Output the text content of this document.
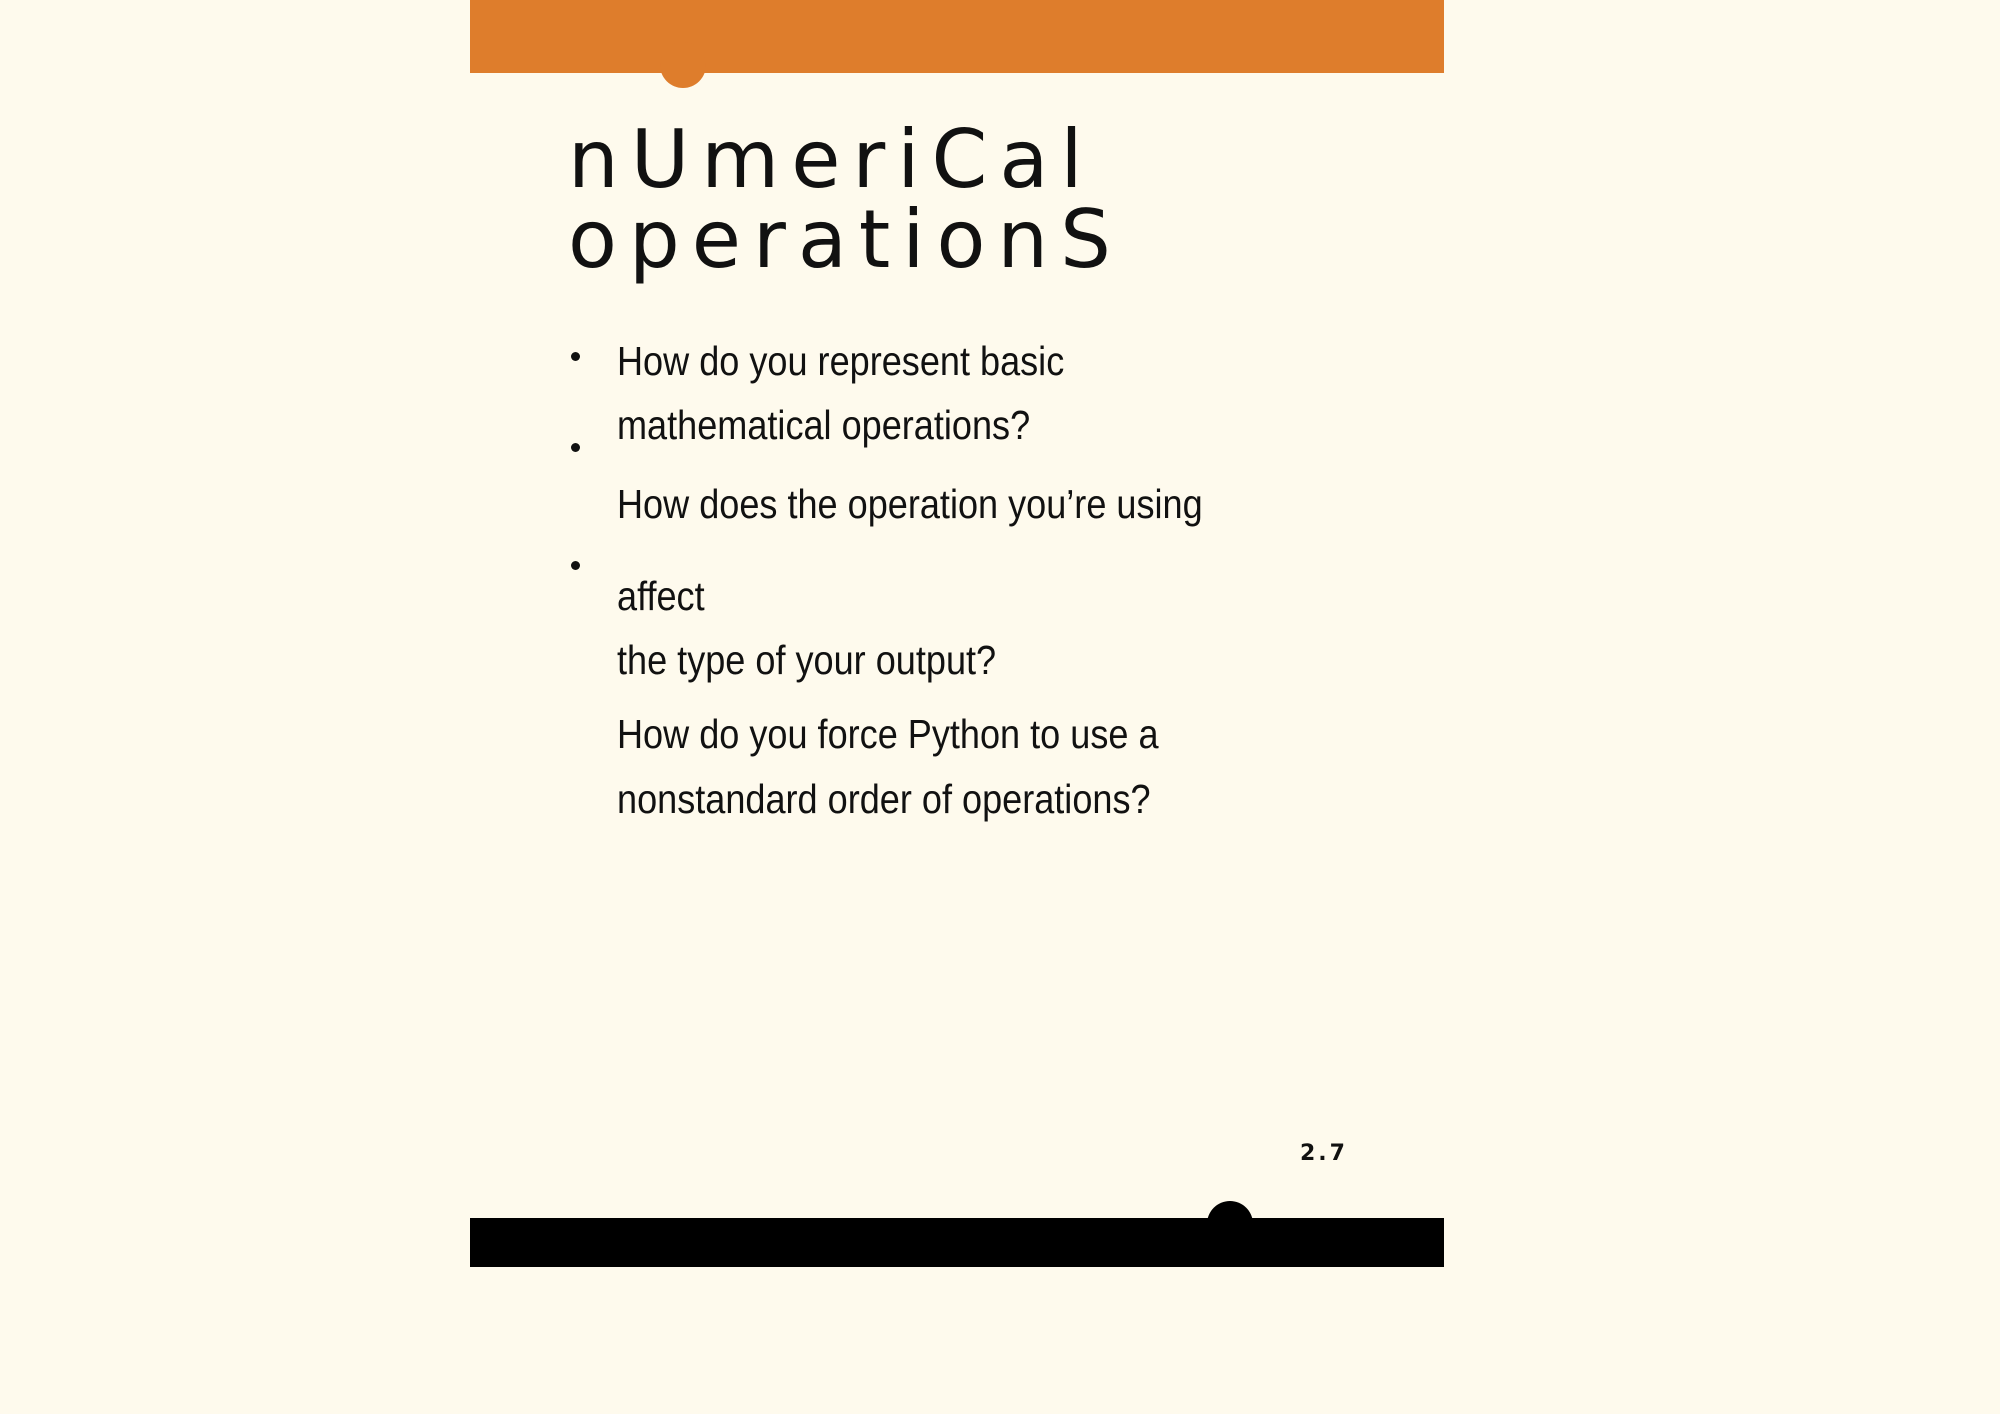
nUmeriCal
operationS

How do you represent basic

mathematical operations?

How does the operation you’re using

affect

the type of your output?

How do you force Python to use a

nonstandard order of operations?

2.7
